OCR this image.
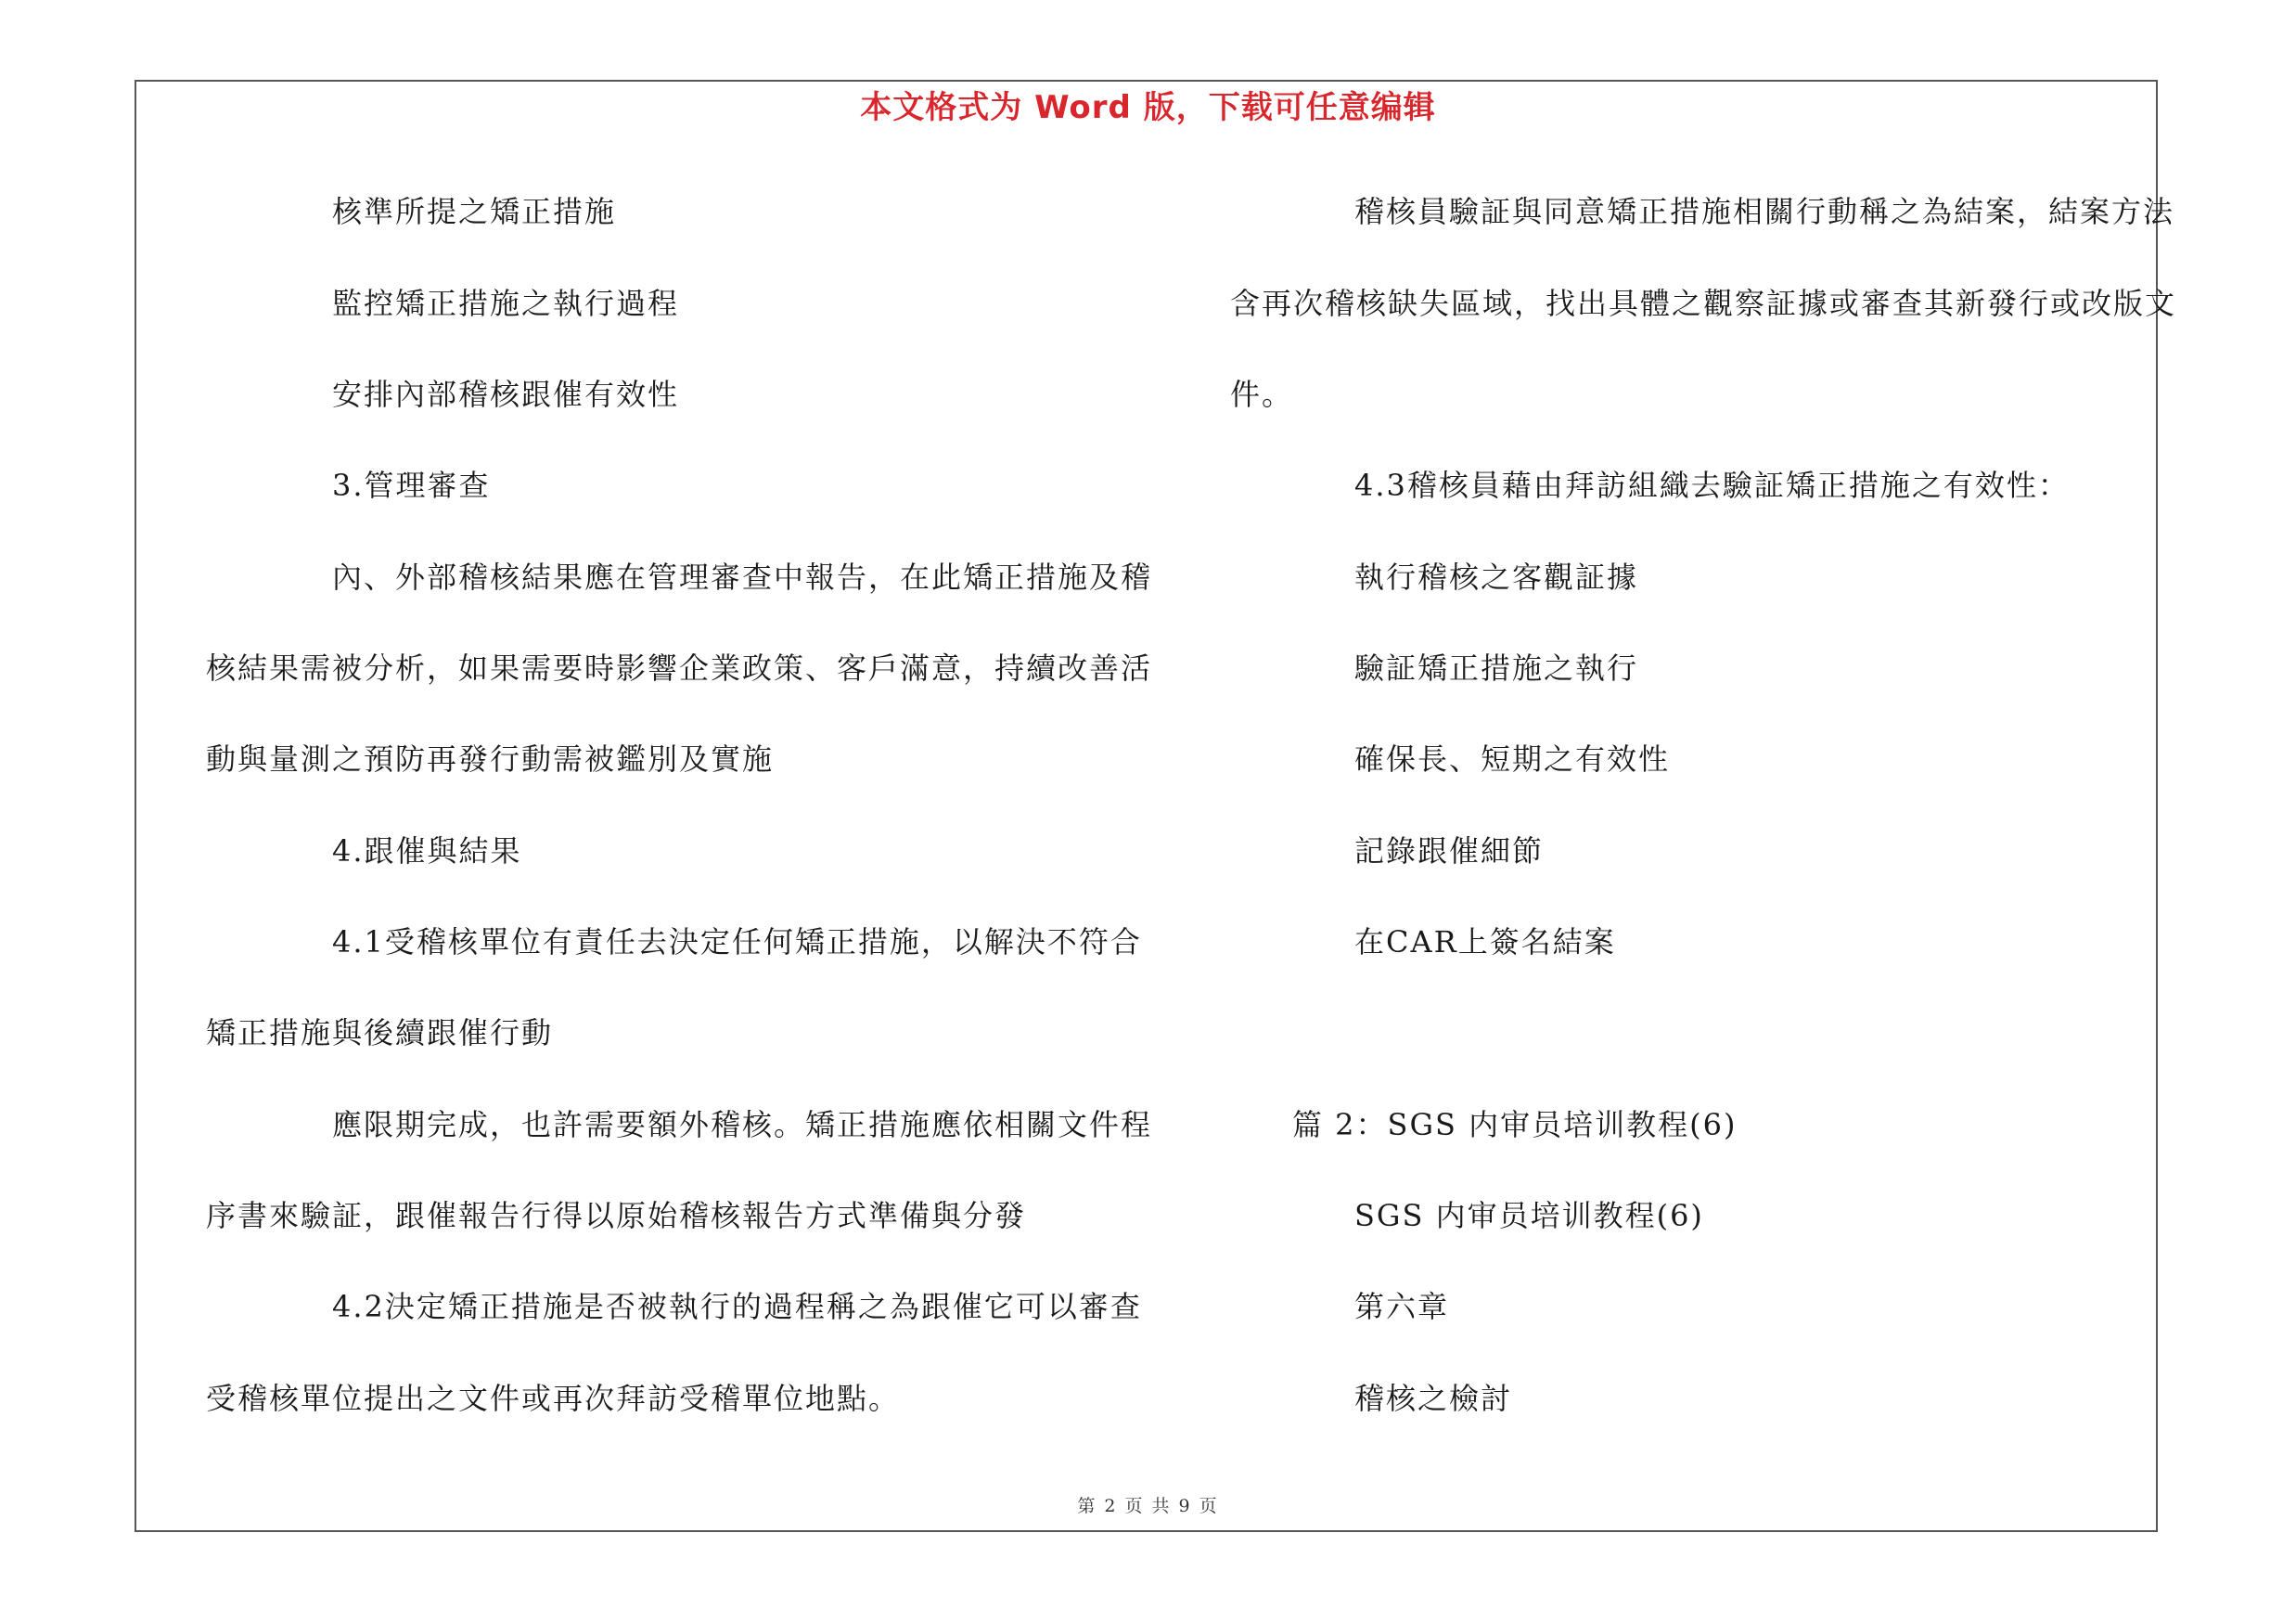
本文格式为 Word 版，下载可任意编辑
核準所提之矯正措施
監控矯正措施之執行過程
安排內部稽核跟催有效性
3.管理審查
內、外部稽核結果應在管理審查中報告，在此矯正措施及稽
核結果需被分析，如果需要時影響企業政策、客戶滿意，持續改善活
動與量測之預防再發行動需被鑑別及實施
4.跟催與結果
4.1受稽核單位有責任去決定任何矯正措施，以解決不符合
矯正措施與後續跟催行動
應限期完成，也許需要額外稽核。矯正措施應依相關文件程
序書來驗証，跟催報告行得以原始稽核報告方式準備與分發
4.2決定矯正措施是否被執行的過程稱之為跟催它可以審查
受稽核單位提出之文件或再次拜訪受稽單位地點。
稽核員驗証與同意矯正措施相關行動稱之為結案，結案方法
含再次稽核缺失區域，找出具體之觀察証據或審查其新發行或改版文
件。
4.3稽核員藉由拜訪組織去驗証矯正措施之有效性：
執行稽核之客觀証據
驗証矯正措施之執行
確保長、短期之有效性
記錄跟催細節
在CAR上簽名結案
篇 2：SGS 内审员培训教程(6)
SGS 内审员培训教程(6)
第六章
稽核之檢討
第 2 页 共 9 页
